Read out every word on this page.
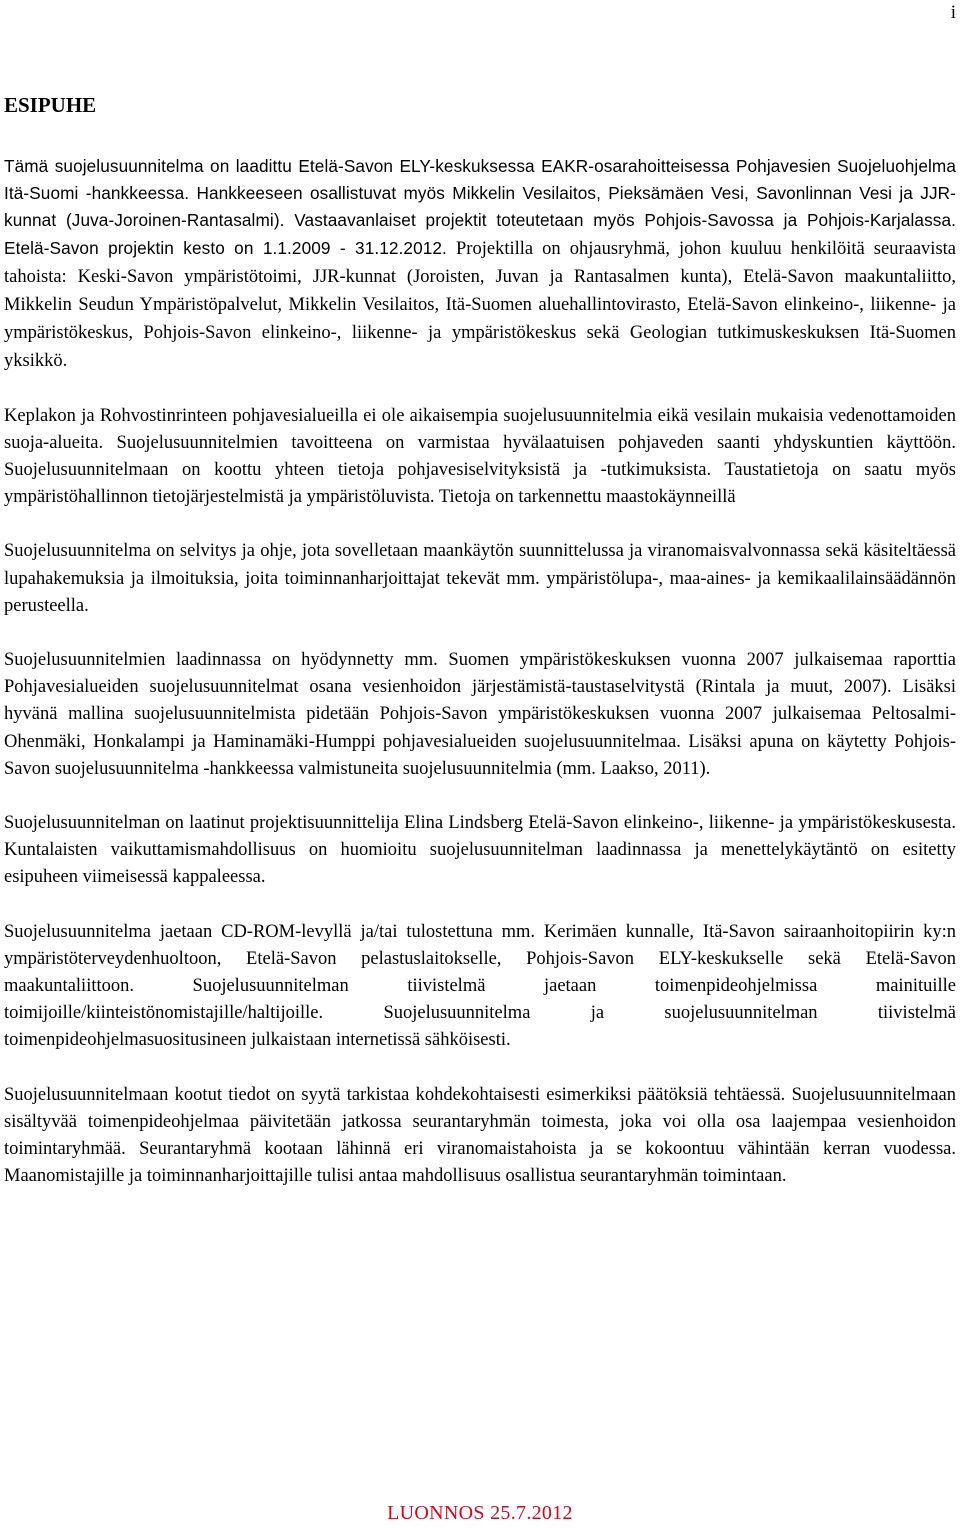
i
ESIPUHE

Tämä suojelusuunnitelma on laadittu Etelä-Savon ELY-keskuksessa EAKR-osarahoitteisessa Pohjavesien Suojeluohjelma Itä-Suomi -hankkeessa. Hankkeeseen osallistuvat myös Mikkelin Vesilaitos, Pieksämäen Vesi, Savonlinnan Vesi ja JJR-kunnat (Juva-Joroinen-Rantasalmi). Vastaavanlaiset projektit toteutetaan myös Pohjois-Savossa ja Pohjois-Karjalassa. Etelä-Savon projektin kesto on 1.1.2009 - 31.12.2012. Projektilla on ohjausryhmä, johon kuuluu henkilöitä seuraavista tahoista: Keski-Savon ympäristötoimi, JJR-kunnat (Joroisten, Juvan ja Rantasalmen kunta), Etelä-Savon maakuntaliitto, Mikkelin Seudun Ympäristöpalvelut, Mikkelin Vesilaitos, Itä-Suomen aluehallintovirasto, Etelä-Savon elinkeino-, liikenne- ja ympäristökeskus, Pohjois-Savon elinkeino-, liikenne- ja ympäristökeskus sekä Geologian tutkimuskeskuksen Itä-Suomen yksikkö.

Keplakon ja Rohvostinrinteen pohjavesialueilla ei ole aikaisempia suojelusuunnitelmia eikä vesilain mukaisia vedenottamoiden suoja-alueita. Suojelusuunnitelmien tavoitteena on varmistaa hyvälaatuisen pohjaveden saanti yhdyskuntien käyttöön. Suojelusuunnitelmaan on koottu yhteen tietoja pohjavesiselvityksistä ja -tutkimuksista. Taustatietoja on saatu myös ympäristöhallinnon tietojärjestelmistä ja ympäristöluvista. Tietoja on tarkennettu maastokäynneillä

Suojelusuunnitelma on selvitys ja ohje, jota sovelletaan maankäytön suunnittelussa ja viranomaisvalvonnassa sekä käsiteltäessä lupahakemuksia ja ilmoituksia, joita toiminnanharjoittajat tekevät mm. ympäristölupa-, maa-aines- ja kemikaalilainsäädännön perusteella.

Suojelusuunnitelmien laadinnassa on hyödynnetty mm. Suomen ympäristökeskuksen vuonna 2007 julkaisemaa raporttia Pohjavesialueiden suojelusuunnitelmat osana vesienhoidon järjestämistä-taustaselvitystä (Rintala ja muut, 2007). Lisäksi hyvänä mallina suojelusuunnitelmista pidetään Pohjois-Savon ympäristökeskuksen vuonna 2007 julkaisemaa Peltosalmi-Ohenmäki, Honkalampi ja Haminamäki-Humppi pohjavesialueiden suojelusuunnitelmaa. Lisäksi apuna on käytetty Pohjois-Savon suojelusuunnitelma -hankkeessa valmistuneita suojelusuunnitelmia (mm. Laakso, 2011).

Suojelusuunnitelman on laatinut projektisuunnittelija Elina Lindsberg Etelä-Savon elinkeino-, liikenne- ja ympäristökeskusesta. Kuntalaisten vaikuttamismahdollisuus on huomioitu suojelusuunnitelman laadinnassa ja menettelykäytäntö on esitetty esipuheen viimeisessä kappaleessa.

Suojelusuunnitelma jaetaan CD-ROM-levyllä ja/tai tulostettuna mm. Kerimäen kunnalle, Itä-Savon sairaanhoitopiirin ky:n ympäristöterveydenhuoltoon, Etelä-Savon pelastuslaitokselle, Pohjois-Savon ELY-keskukselle sekä Etelä-Savon maakuntaliittoon. Suojelusuunnitelman tiivistelmä jaetaan toimenpideohjelmissa mainituille toimijoille/kiinteistönomistajille/haltijoille. Suojelusuunnitelma ja suojelusuunnitelman tiivistelmä toimenpideohjelmasuositusineen julkaistaan internetissä sähköisesti.

Suojelusuunnitelmaan kootut tiedot on syytä tarkistaa kohdekohtaisesti esimerkiksi päätöksiä tehtäessä. Suojelusuunnitelmaan sisältyvää toimenpideohjelmaa päivitetään jatkossa seurantaryhmän toimesta, joka voi olla osa laajempaa vesienhoidon toimintaryhmää. Seurantaryhmä kootaan lähinnä eri viranomaistahoista ja se kokoontuu vähintään kerran vuodessa. Maanomistajille ja toiminnanharjoittajille tulisi antaa mahdollisuus osallistua seurantaryhmän toimintaan.

LUONNOS 25.7.2012
